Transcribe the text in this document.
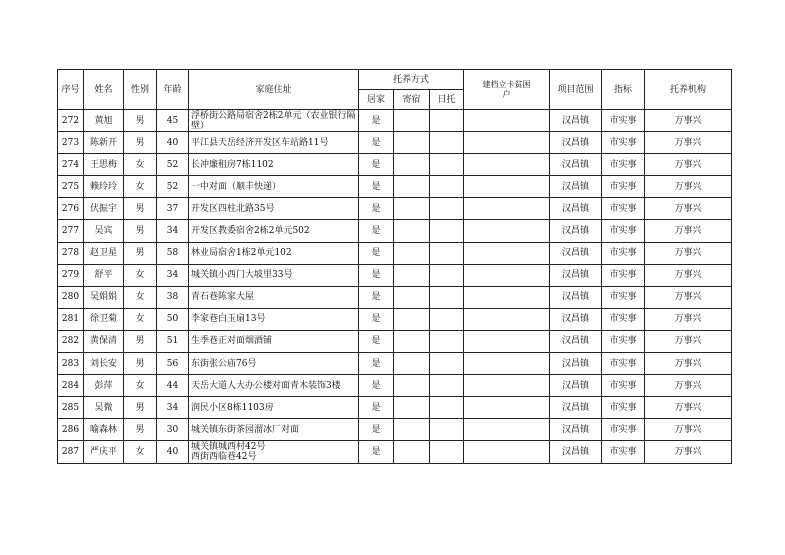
序号	姓名	性别	年龄	家庭住址	托养方式			建档立卡贫困户	项目范围	指标	托养机构
					居家	寄宿	日托				
272	黄旭	男	45	浮桥街公路局宿舍2栋2单元（农业银行隔壁）	是				汉昌镇	市实事	万事兴
273	陈新开	男	40	平江县天岳经济开发区车站路11号	是				汉昌镇	市实事	万事兴
274	王思梅	女	52	长冲廉租房7栋1102	是				汉昌镇	市实事	万事兴
275	赖玲玲	女	52	一中对面（顺丰快递）	是				汉昌镇	市实事	万事兴
276	伏振宇	男	37	开发区四柱北路35号	是				汉昌镇	市实事	万事兴
277	吴宾	男	34	开发区教委宿舍2栋2单元502	是				汉昌镇	市实事	万事兴
278	赵卫星	男	58	林业局宿舍1栋2单元102	是				汉昌镇	市实事	万事兴
279	舒平	女	34	城关镇小西门大坡里33号	是				汉昌镇	市实事	万事兴
280	吴娟娟	女	38	青石巷陈家大屋	是				汉昌镇	市实事	万事兴
281	徐卫菊	女	50	李家巷白玉扇13号	是				汉昌镇	市实事	万事兴
282	黄保清	男	51	生季巷正对面烟酒铺	是				汉昌镇	市实事	万事兴
283	刘长安	男	56	东街张公庙76号	是				汉昌镇	市实事	万事兴
284	彭萍	女	44	天岳大道人大办公楼对面青木装饰3楼	是				汉昌镇	市实事	万事兴
285	吴微	男	34	润民小区8栋1103房	是				汉昌镇	市实事	万事兴
286	喻森林	男	30	城关镇东街茶园溜冰厂对面	是				汉昌镇	市实事	万事兴
287	严庆平	女	40	城关镇城西村42号
西街西临巷42号	是				汉昌镇	市实事	万事兴
